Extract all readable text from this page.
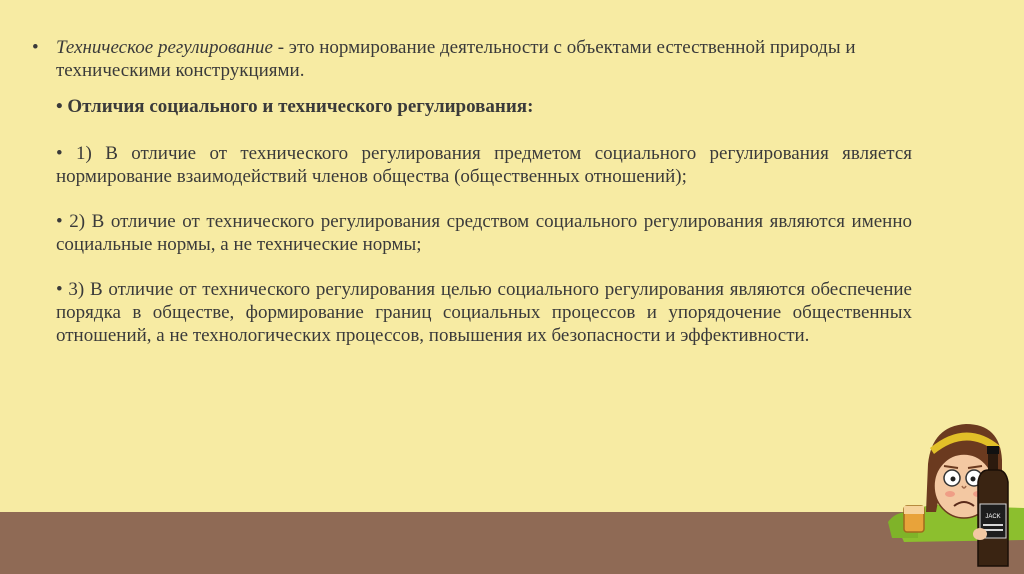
• Техническое регулирование - это нормирование деятельности с объектами естественной природы и техническими конструкциями.

• Отличия социального и технического регулирования:

• 1) В отличие от технического регулирования предметом социального регулирования является нормирование взаимодействий членов общества (общественных отношений);

• 2) В отличие от технического регулирования средством социального регулирования являются именно социальные нормы, а не технические нормы;

• 3) В отличие от технического регулирования целью социального регулирования являются обеспечение порядка в обществе, формирование границ социальных процессов и упорядочение общественных отношений, а не технологических процессов, повышения их безопасности и эффективности.

JACK
